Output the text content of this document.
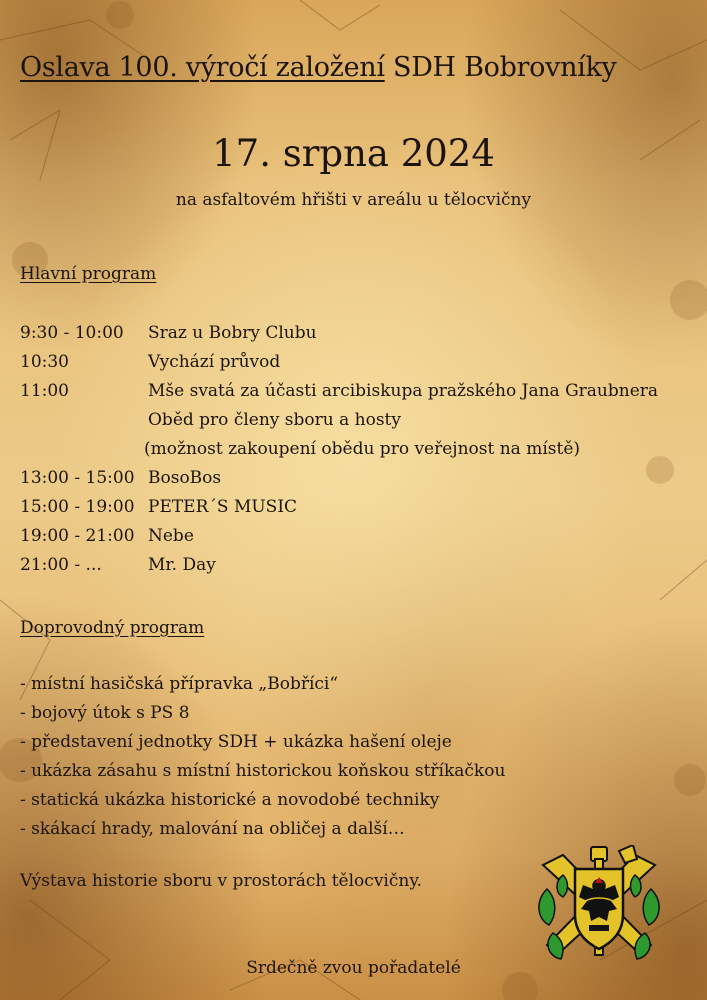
Oslava 100. výročí založení SDH Bobrovníky
17. srpna 2024
na asfaltovém hřišti v areálu u tělocvičny
Hlavní program
9:30 - 10:00 Sraz u Bobry Clubu
10:30	Vychází průvod
11:00	Mše svatá za účasti arcibiskupa pražského Jana Graubnera
Oběd pro členy sboru a hosty
(možnost zakoupení obědu pro veřejnost na místě)
13:00 - 15:00 BosoBos
15:00 - 19:00 PETER´S MUSIC
19:00 - 21:00 Nebe
21:00 - ...	Mr. Day
Doprovodný program
- místní hasičská přípravka „Bobříci“
- bojový útok s PS 8
- představení jednotky SDH + ukázka hašení oleje
- ukázka zásahu s místní historickou koňskou stříkačkou
- statická ukázka historické a novodobé techniky
- skákací hrady, malování na obličej a další…
Výstava historie sboru v prostorách tělocvičny.
Srdečně zvou pořadatelé
